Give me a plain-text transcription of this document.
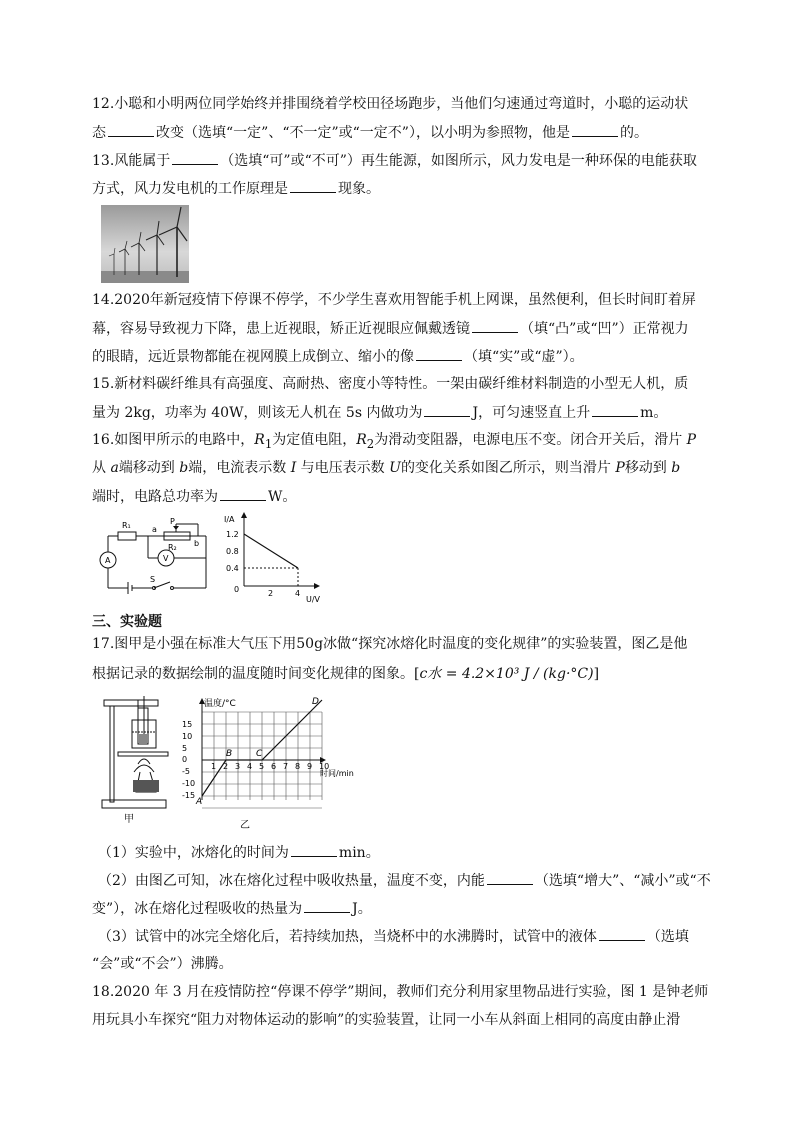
12.小聪和小明两位同学始终并排围绕着学校田径场跑步，当他们匀速通过弯道时，小聪的运动状
态	改变（选填“一定”、“不一定”或“一定不”），以小明为参照物，他是	的。
13.风能属于	（选填“可”或“不可”）再生能源，如图所示，风力发电是一种环保的电能获取
方式，风力发电机的工作原理是	现象。
14.2020年新冠疫情下停课不停学，不少学生喜欢用智能手机上网课，虽然便利，但长时间盯着屏
幕，容易导致视力下降，患上近视眼，矫正近视眼应佩戴透镜	（填“凸”或“凹”）正常视力
的眼睛，远近景物都能在视网膜上成倒立、缩小的像	（填“实”或“虚”）。
15.新材料碳纤维具有高强度、高耐热、密度小等特性。一架由碳纤维材料制造的小型无人机，质
量为 2kg，功率为 40W，则该无人机在 5s 内做功为	J，可匀速竖直上升	m。
16.如图甲所示的电路中，$R_1$为定值电阻，$R_2$为滑动变阻器，电源电压不变。闭合开关后，滑片 P
从 a端移动到 b端，电流表示数 I 与电压表示数 U的变化关系如图乙所示，则当滑片 P移动到 b
端时，电路总功率为	W。
R₁	a
b
P
R₂
A	V
S
I/A
1.2
0.8
0.4
0	2	4
U/V
三、实验题
17.图甲是小强在标准大气压下用50g冰做“探究冰熔化时温度的变化规律”的实验装置，图乙是他
根据记录的数据绘制的温度随时间变化规律的图象。[c水 = 4.2×10³ J / (kg·°C)]
甲
15
10
5
0
-5
-10
-15
1 2 3 4 5 6 7 8 9 10
温度/°C
时间/min
A
B	C
D
乙
（1）实验中，冰熔化的时间为	min。
（2）由图乙可知，冰在熔化过程中吸收热量，温度不变，内能	（选填“增大”、“减小”或“不
变”），冰在熔化过程吸收的热量为	J。
（3）试管中的冰完全熔化后，若持续加热，当烧杯中的水沸腾时，试管中的液体	（选填
“会”或“不会”）沸腾。
18.2020 年 3 月在疫情防控“停课不停学”期间，教师们充分利用家里物品进行实验，图 1 是钟老师
用玩具小车探究“阻力对物体运动的影响”的实验装置，让同一小车从斜面上相同的高度由静止滑
